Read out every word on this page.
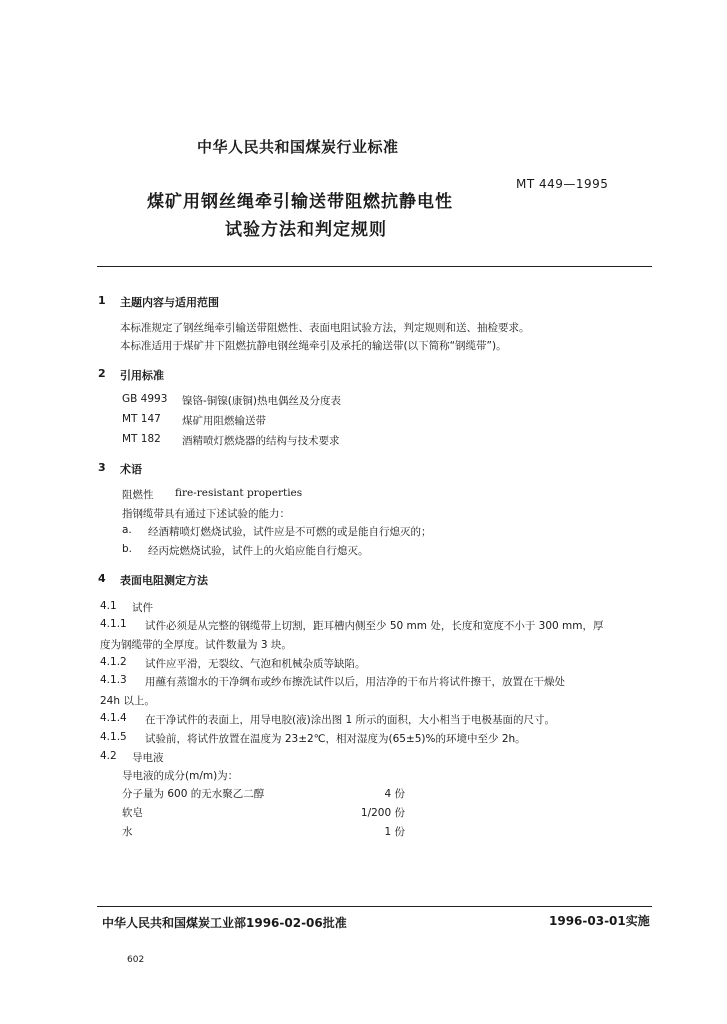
中华人民共和国煤炭行业标准
MT 449—1995
煤矿用钢丝绳牵引输送带阻燃抗静电性
试验方法和判定规则
1 主题内容与适用范围
本标准规定了钢丝绳牵引输送带阻燃性、表面电阻试验方法，判定规则和送、抽检要求。
本标准适用于煤矿井下阻燃抗静电钢丝绳牵引及承托的输送带(以下简称“钢缆带”)。
2 引用标准
GB 4993 镍铬-铜镍(康铜)热电偶丝及分度表
MT 147 煤矿用阻燃输送带
MT 182 酒精喷灯燃烧器的结构与技术要求
3 术语
阻燃性 fire-resistant properties
指钢缆带具有通过下述试验的能力：
a. 经酒精喷灯燃烧试验，试件应是不可燃的或是能自行熄灭的；
b. 经丙烷燃烧试验，试件上的火焰应能自行熄灭。
4 表面电阻测定方法
4.1 试件
4.1.1 试件必须是从完整的钢缆带上切割，距耳槽内侧至少 50 mm 处，长度和宽度不小于 300 mm，厚
度为钢缆带的全厚度。试件数量为 3 块。
4.1.2 试件应平滑，无裂纹、气泡和机械杂质等缺陷。
4.1.3 用蘸有蒸馏水的干净绸布或纱布擦洗试件以后，用洁净的干布片将试件擦干，放置在干燥处
24h 以上。
4.1.4 在干净试件的表面上，用导电胶(液)涂出图 1 所示的面积，大小相当于电极基面的尺寸。
4.1.5 试验前，将试件放置在温度为 23±2℃，相对湿度为(65±5)%的环境中至少 2h。
4.2 导电液
导电液的成分(m/m)为：
分子量为 600 的无水聚乙二醇	4 份
软皂	1/200 份
水	1 份
中华人民共和国煤炭工业部1996-02-06批准	1996-03-01实施
602
